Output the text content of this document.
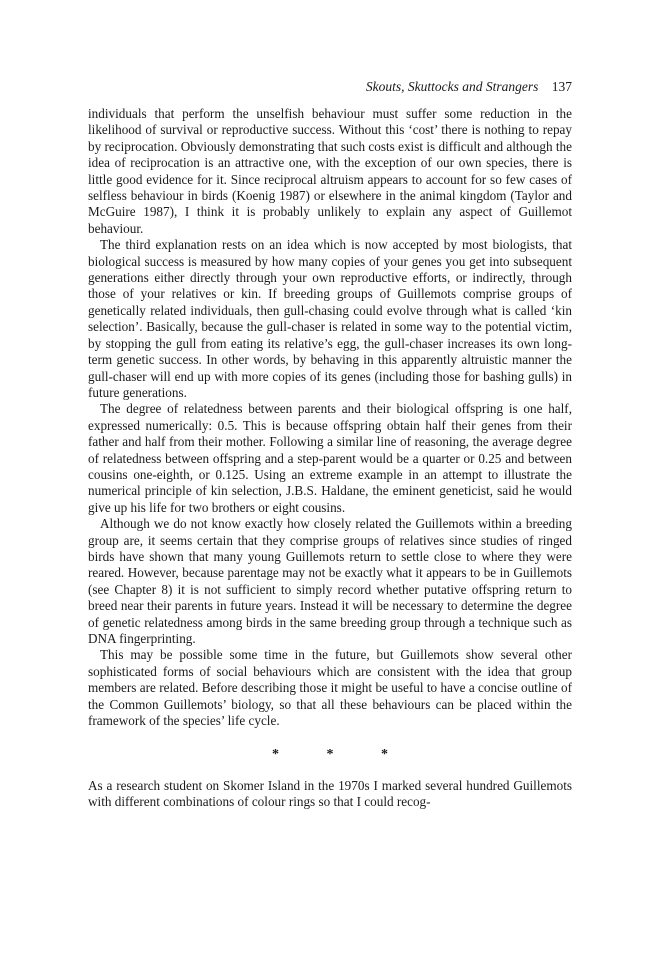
Skouts, Skuttocks and Strangers 137

individuals that perform the unselfish behaviour must suffer some reduction in the likelihood of survival or reproductive success. Without this ‘cost’ there is nothing to repay by reciprocation. Obviously demonstrating that such costs exist is difficult and although the idea of reciprocation is an attractive one, with the exception of our own species, there is little good evidence for it. Since reciprocal altruism appears to account for so few cases of selfless behaviour in birds (Koenig 1987) or elsewhere in the animal kingdom (Taylor and McGuire 1987), I think it is probably unlikely to explain any aspect of Guillemot behaviour.

The third explanation rests on an idea which is now accepted by most biologists, that biological success is measured by how many copies of your genes you get into subsequent generations either directly through your own reproductive efforts, or indirectly, through those of your relatives or kin. If breeding groups of Guillemots comprise groups of genetically related individuals, then gull-chasing could evolve through what is called ‘kin selection’. Basically, because the gull-chaser is related in some way to the potential victim, by stopping the gull from eating its relative’s egg, the gull-chaser increases its own long-term genetic success. In other words, by behaving in this apparently altruistic manner the gull-chaser will end up with more copies of its genes (including those for bashing gulls) in future generations.

The degree of relatedness between parents and their biological offspring is one half, expressed numerically: 0.5. This is because offspring obtain half their genes from their father and half from their mother. Following a similar line of reasoning, the average degree of relatedness between offspring and a step-parent would be a quarter or 0.25 and between cousins one-eighth, or 0.125. Using an extreme example in an attempt to illustrate the numerical principle of kin selection, J.B.S. Haldane, the eminent geneticist, said he would give up his life for two brothers or eight cousins.

Although we do not know exactly how closely related the Guillemots within a breeding group are, it seems certain that they comprise groups of relatives since studies of ringed birds have shown that many young Guillemots return to settle close to where they were reared. However, because parentage may not be exactly what it appears to be in Guillemots (see Chapter 8) it is not sufficient to simply record whether putative offspring return to breed near their parents in future years. Instead it will be necessary to determine the degree of genetic relatedness among birds in the same breeding group through a technique such as DNA fingerprinting.

This may be possible some time in the future, but Guillemots show several other sophisticated forms of social behaviours which are consistent with the idea that group members are related. Before describing those it might be useful to have a concise outline of the Common Guillemots’ biology, so that all these behaviours can be placed within the framework of the species’ life cycle.

* * *

As a research student on Skomer Island in the 1970s I marked several hundred Guillemots with different combinations of colour rings so that I could recog-
